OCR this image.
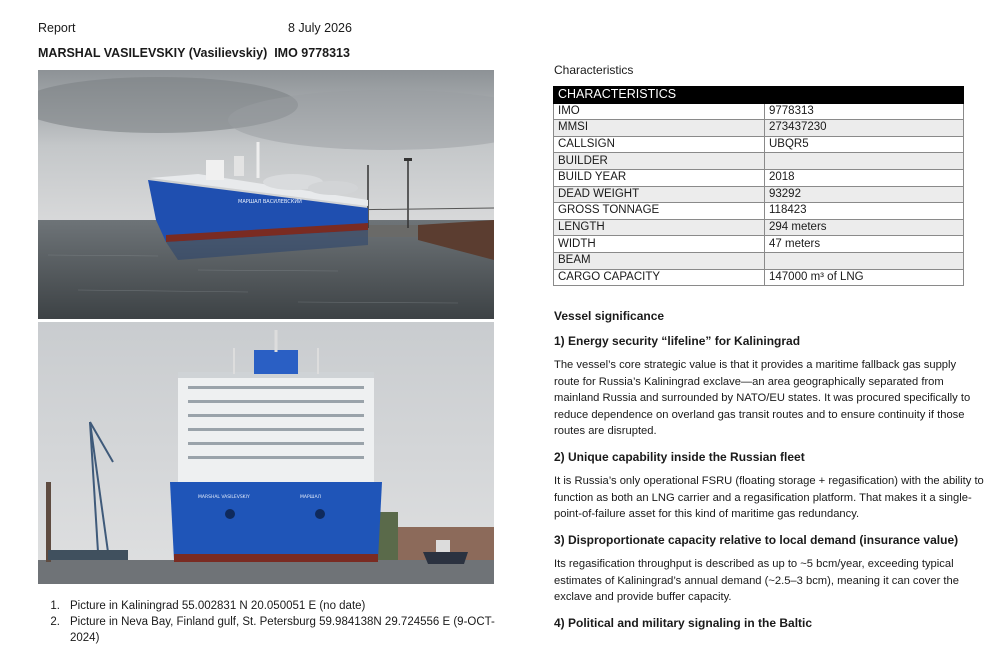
Report	8 July 2026
MARSHAL VASILEVSKIY (Vasilievskiy)  IMO 9778313
МАРШАЛ ВАСИЛЕВСКИЙ
MARSHAL VASILEVSKIY	МАРШАЛ
1. Picture in Kaliningrad 55.002831 N 20.050051 E (no date)
2. Picture in Neva Bay, Finland gulf, St. Petersburg 59.984138N 29.724556 E (9-OCT-2024)
Characteristics
CHARACTERISTICS	
IMO	9778313
MMSI	273437230
CALLSIGN	UBQR5
BUILDER	
BUILD YEAR	2018
DEAD WEIGHT	93292
GROSS TONNAGE	118423
LENGTH	294 meters
WIDTH	47 meters
BEAM	
CARGO CAPACITY	147000 m³ of LNG
Vessel significance
1) Energy security “lifeline” for Kaliningrad

The vessel’s core strategic value is that it provides a maritime fallback gas supply route for Russia’s Kaliningrad exclave—an area geographically separated from mainland Russia and surrounded by NATO/EU states. It was procured specifically to reduce dependence on overland gas transit routes and to ensure continuity if those routes are disrupted.

2) Unique capability inside the Russian fleet

It is Russia’s only operational FSRU (floating storage + regasification) with the ability to function as both an LNG carrier and a regasification platform. That makes it a single-point-of-failure asset for this kind of maritime gas redundancy.

3) Disproportionate capacity relative to local demand (insurance value)

Its regasification throughput is described as up to ~5 bcm/year, exceeding typical estimates of Kaliningrad’s annual demand (~2.5–3 bcm), meaning it can cover the exclave and provide buffer capacity.

4) Political and military signaling in the Baltic
